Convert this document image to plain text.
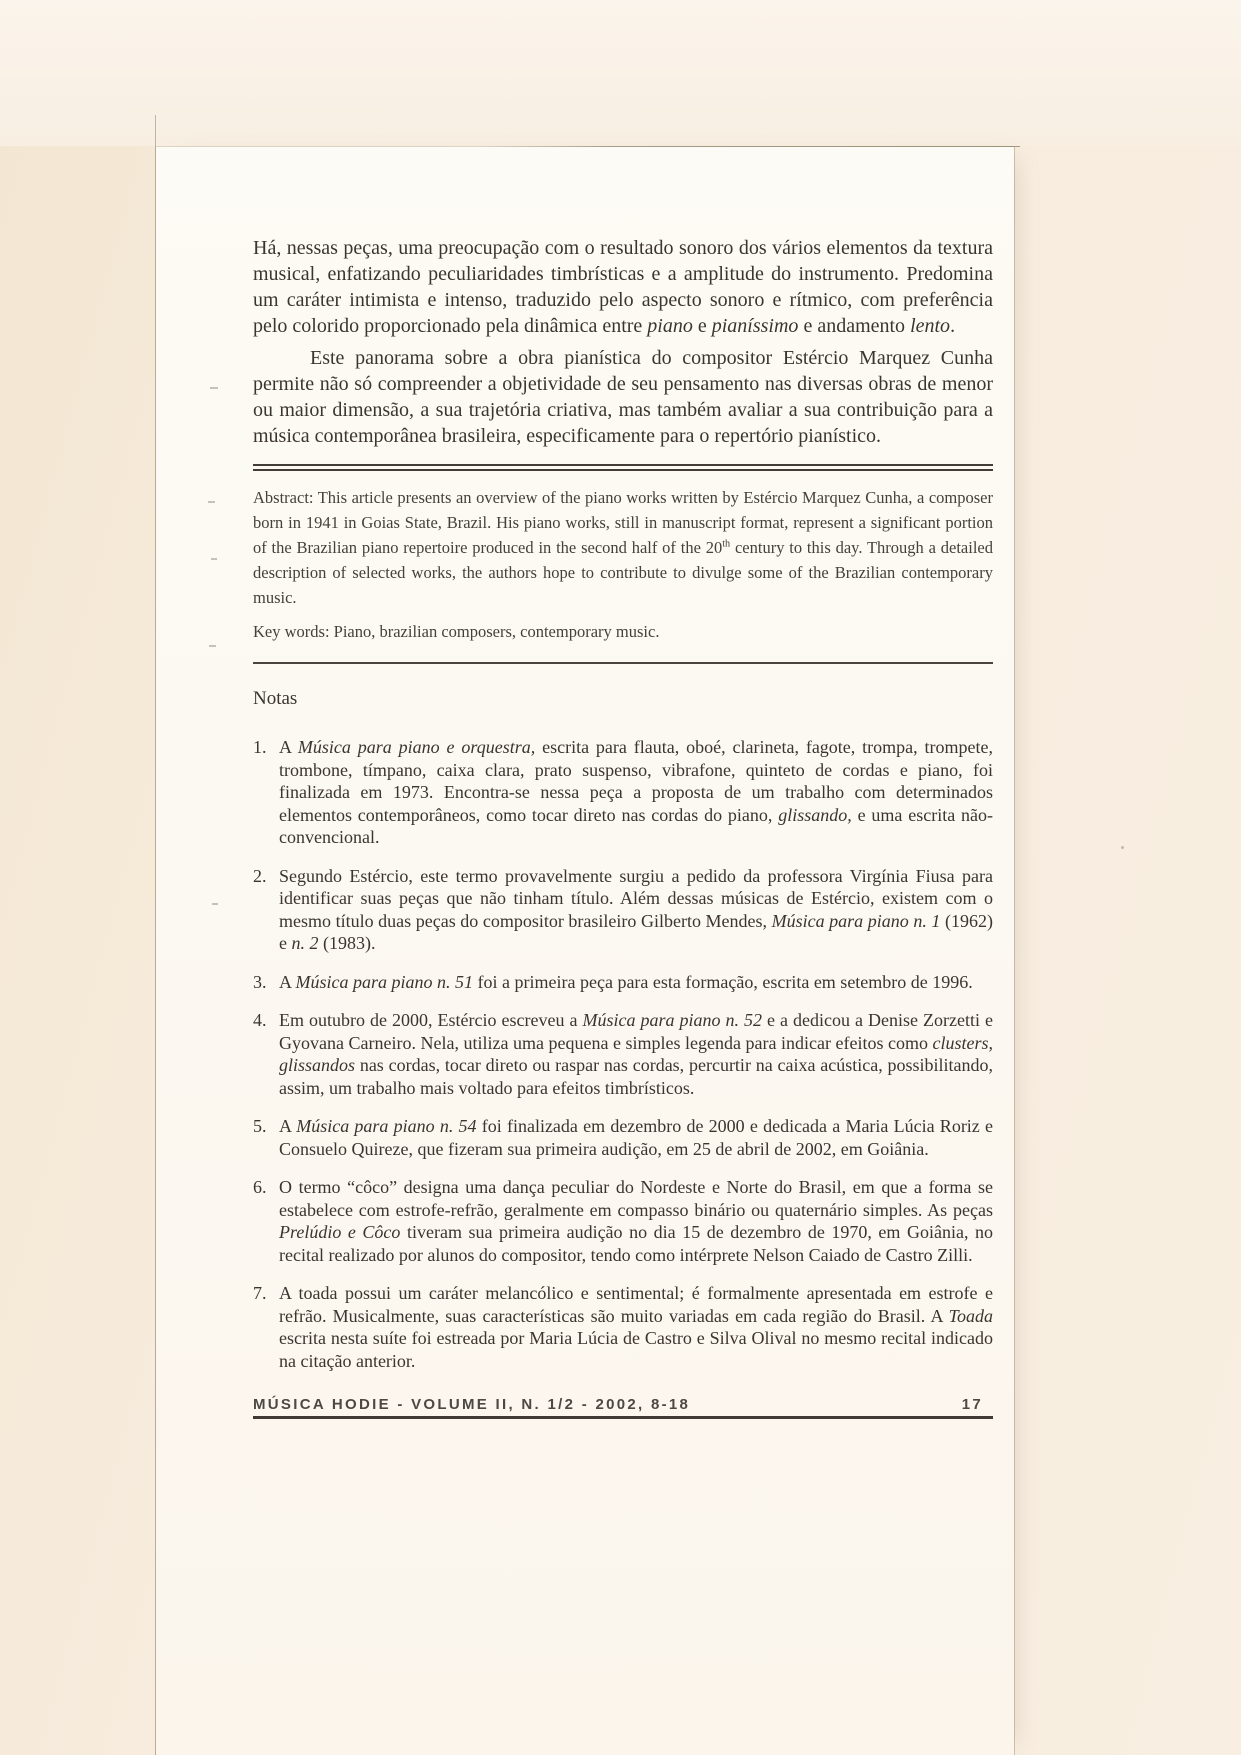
Há, nessas peças, uma preocupação com o resultado sonoro dos vários elementos da textura musical, enfatizando peculiaridades timbrísticas e a amplitude do instrumento. Predomina um caráter intimista e intenso, traduzido pelo aspecto sonoro e rítmico, com preferência pelo colorido proporcionado pela dinâmica entre piano e pianíssimo e andamento lento.

Este panorama sobre a obra pianística do compositor Estércio Marquez Cunha permite não só compreender a objetividade de seu pensamento nas diversas obras de menor ou maior dimensão, a sua trajetória criativa, mas também avaliar a sua contribuição para a música contemporânea brasileira, especificamente para o repertório pianístico.

Abstract: This article presents an overview of the piano works written by Estércio Marquez Cunha, a composer born in 1941 in Goias State, Brazil. His piano works, still in manuscript format, represent a significant portion of the Brazilian piano repertoire produced in the second half of the 20th century to this day. Through a detailed description of selected works, the authors hope to contribute to divulge some of the Brazilian contemporary music.

Key words: Piano, brazilian composers, contemporary music.

Notas
1. A Música para piano e orquestra, escrita para flauta, oboé, clarineta, fagote, trompa, trompete, trombone, tímpano, caixa clara, prato suspenso, vibrafone, quinteto de cordas e piano, foi finalizada em 1973. Encontra-se nessa peça a proposta de um trabalho com determinados elementos contemporâneos, como tocar direto nas cordas do piano, glissando, e uma escrita não-convencional.
2. Segundo Estércio, este termo provavelmente surgiu a pedido da professora Virgínia Fiusa para identificar suas peças que não tinham título. Além dessas músicas de Estércio, existem com o mesmo título duas peças do compositor brasileiro Gilberto Mendes, Música para piano n. 1 (1962) e n. 2 (1983).
3. A Música para piano n. 51 foi a primeira peça para esta formação, escrita em setembro de 1996.
4. Em outubro de 2000, Estércio escreveu a Música para piano n. 52 e a dedicou a Denise Zorzetti e Gyovana Carneiro. Nela, utiliza uma pequena e simples legenda para indicar efeitos como clusters, glissandos nas cordas, tocar direto ou raspar nas cordas, percurtir na caixa acústica, possibilitando, assim, um trabalho mais voltado para efeitos timbrísticos.
5. A Música para piano n. 54 foi finalizada em dezembro de 2000 e dedicada a Maria Lúcia Roriz e Consuelo Quireze, que fizeram sua primeira audição, em 25 de abril de 2002, em Goiânia.
6. O termo “côco” designa uma dança peculiar do Nordeste e Norte do Brasil, em que a forma se estabelece com estrofe-refrão, geralmente em compasso binário ou quaternário simples. As peças Prelúdio e Côco tiveram sua primeira audição no dia 15 de dezembro de 1970, em Goiânia, no recital realizado por alunos do compositor, tendo como intérprete Nelson Caiado de Castro Zilli.
7. A toada possui um caráter melancólico e sentimental; é formalmente apresentada em estrofe e refrão. Musicalmente, suas características são muito variadas em cada região do Brasil. A Toada escrita nesta suíte foi estreada por Maria Lúcia de Castro e Silva Olival no mesmo recital indicado na citação anterior.
MÚSICA HODIE - VOLUME II, N. 1/2 - 2002, 8-18	17
